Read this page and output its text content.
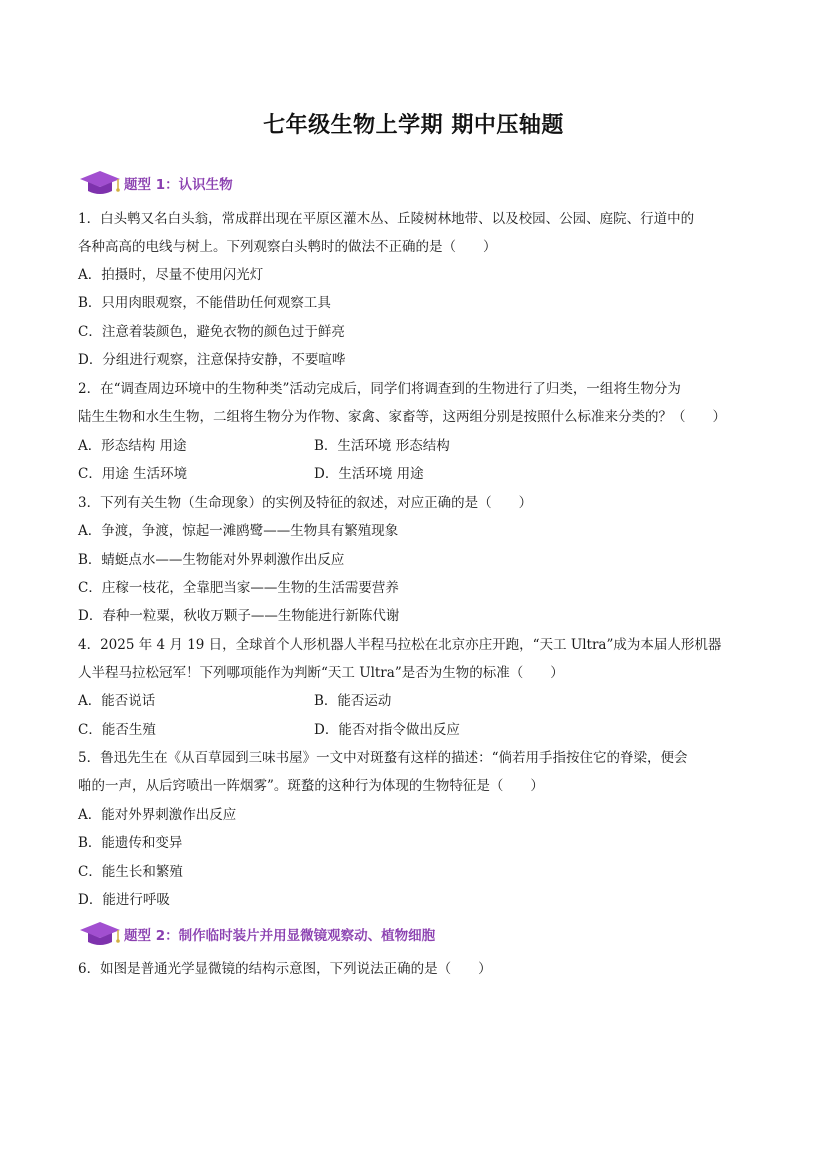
七年级生物上学期 期中压轴题
题型 1：认识生物
1．白头鹎又名白头翁，常成群出现在平原区灌木丛、丘陵树林地带、以及校园、公园、庭院、行道中的
各种高高的电线与树上。下列观察白头鹎时的做法不正确的是（　　）
A．拍摄时，尽量不使用闪光灯
B．只用肉眼观察，不能借助任何观察工具
C．注意着装颜色，避免衣物的颜色过于鲜亮
D．分组进行观察，注意保持安静，不要喧哗
2．在“调查周边环境中的生物种类”活动完成后，同学们将调查到的生物进行了归类，一组将生物分为
陆生生物和水生生物，二组将生物分为作物、家禽、家畜等，这两组分别是按照什么标准来分类的？（　　）
A．形态结构 用途	B．生活环境 形态结构
C．用途 生活环境	D．生活环境 用途
3．下列有关生物（生命现象）的实例及特征的叙述，对应正确的是（　　）
A．争渡，争渡，惊起一滩鸥鹭——生物具有繁殖现象
B．蜻蜓点水——生物能对外界刺激作出反应
C．庄稼一枝花，全靠肥当家——生物的生活需要营养
D．春种一粒粟，秋收万颗子——生物能进行新陈代谢
4．2025 年 4 月 19 日，全球首个人形机器人半程马拉松在北京亦庄开跑，“天工 Ultra”成为本届人形机器
人半程马拉松冠军！下列哪项能作为判断“天工 Ultra”是否为生物的标准（　　）
A．能否说话	B．能否运动
C．能否生殖	D．能否对指令做出反应
5．鲁迅先生在《从百草园到三味书屋》一文中对斑蝥有这样的描述：“倘若用手指按住它的脊梁，便会
啪的一声，从后窍喷出一阵烟雾”。斑蝥的这种行为体现的生物特征是（　　）
A．能对外界刺激作出反应
B．能遗传和变异
C．能生长和繁殖
D．能进行呼吸
题型 2：制作临时装片并用显微镜观察动、植物细胞
6．如图是普通光学显微镜的结构示意图，下列说法正确的是（　　）
